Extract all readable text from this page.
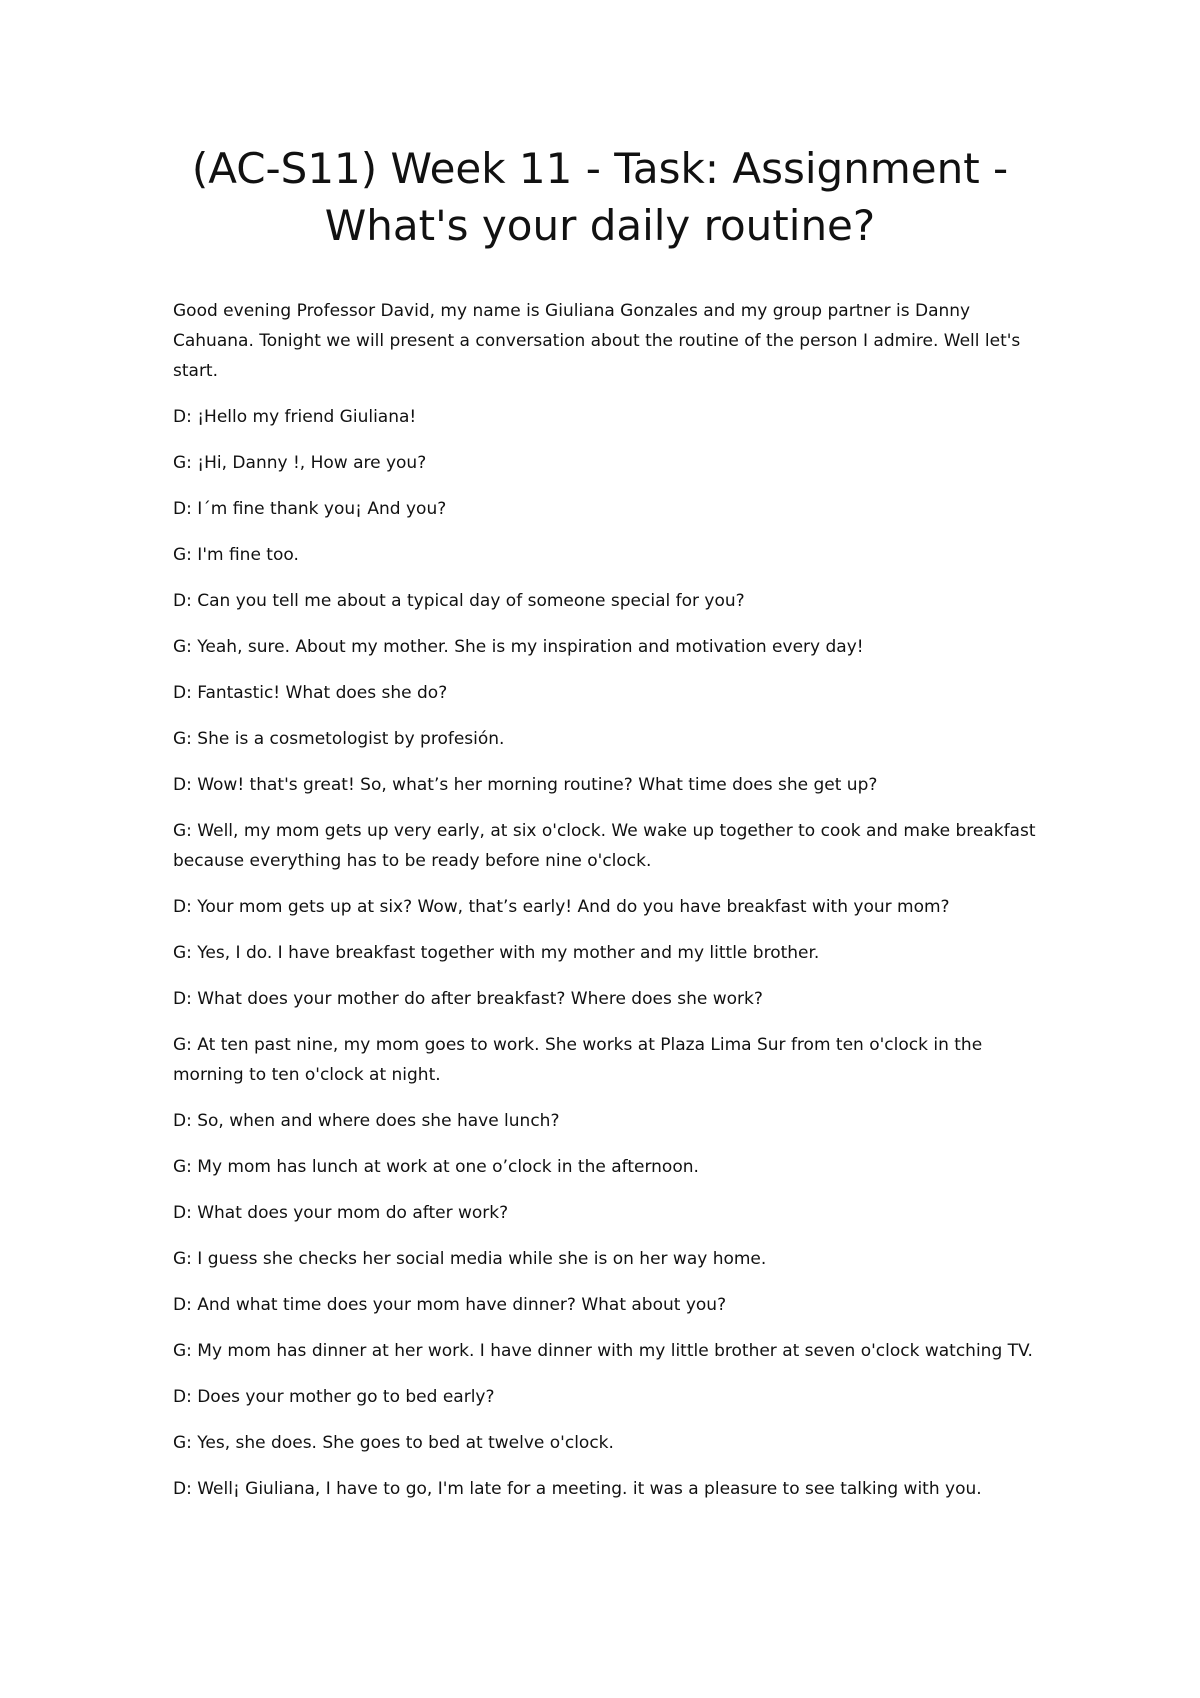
(AC-S11) Week 11 - Task: Assignment -
What's your daily routine?

Good evening Professor David, my name is Giuliana Gonzales and my group partner is Danny Cahuana. Tonight we will present a conversation about the routine of the person I admire. Well let's start.

D: ¡Hello my friend Giuliana!

G: ¡Hi, Danny !, How are you?

D: I´m fine thank you¡ And you?

G: I'm fine too.

D: Can you tell me about a typical day of someone special for you?

G: Yeah, sure. About my mother. She is my inspiration and motivation every day!

D: Fantastic! What does she do?

G: She is a cosmetologist by profesión.

D: Wow! that's great! So, what’s her morning routine? What time does she get up?

G: Well, my mom gets up very early, at six o'clock. We wake up together to cook and make breakfast because everything has to be ready before nine o'clock.

D: Your mom gets up at six? Wow, that’s early! And do you have breakfast with your mom?

G: Yes, I do. I have breakfast together with my mother and my little brother.

D: What does your mother do after breakfast? Where does she work?

G: At ten past nine, my mom goes to work. She works at Plaza Lima Sur from ten o'clock in the morning to ten o'clock at night.

D: So, when and where does she have lunch?

G: My mom has lunch at work at one o’clock in the afternoon.

D: What does your mom do after work?

G: I guess she checks her social media while she is on her way home.

D: And what time does your mom have dinner? What about you?

G: My mom has dinner at her work. I have dinner with my little brother at seven o'clock watching TV.

D: Does your mother go to bed early?

G: Yes, she does. She goes to bed at twelve o'clock.

D: Well¡ Giuliana, I have to go, I'm late for a meeting. it was a pleasure to see talking with you.
